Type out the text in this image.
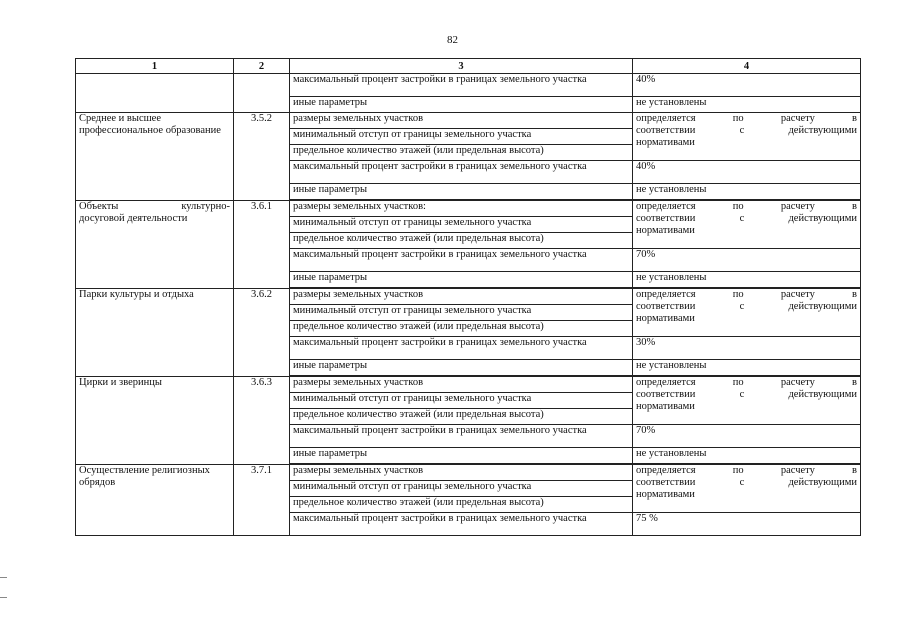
82
1	2	3	4
		максимальный процент застройки в границах земельного участка	40%
		иные параметры	не установлены
Среднее и высшее профессиональное образование	3.5.2	размеры земельных участков	определяется по расчету в
соответствии с действующими
нормативами

		минимальный отступ от границы земельного участка	
		предельное количество этажей (или предельная высота)	
		максимальный процент застройки в границах земельного участка	40%
		иные параметры	не установлены

Объекты культурно-
досуговой деятельности	3.6.1	размеры земельных участков:	определяется по расчету в
соответствии с действующими
нормативами

		минимальный отступ от границы земельного участка	
		предельное количество этажей (или предельная высота)	
		максимальный процент застройки в границах земельного участка	70%
		иные параметры	не установлены

Парки культуры и отдыха	3.6.2	размеры земельных участков	определяется по расчету в
соответствии с действующими
нормативами

		минимальный отступ от границы земельного участка	
		предельное количество этажей (или предельная высота)	
		максимальный процент застройки в границах земельного участка	30%
		иные параметры	не установлены

Цирки и зверинцы	3.6.3	размеры земельных участков	определяется по расчету в
соответствии с действующими
нормативами

		минимальный отступ от границы земельного участка	
		предельное количество этажей (или предельная высота)	
		максимальный процент застройки в границах земельного участка	70%
		иные параметры	не установлены

Осуществление религиозных обрядов	3.7.1	размеры земельных участков	определяется по расчету в
соответствии с действующими
нормативами

		минимальный отступ от границы земельного участка	
		предельное количество этажей (или предельная высота)	
		максимальный процент застройки в границах земельного участка	75 %
